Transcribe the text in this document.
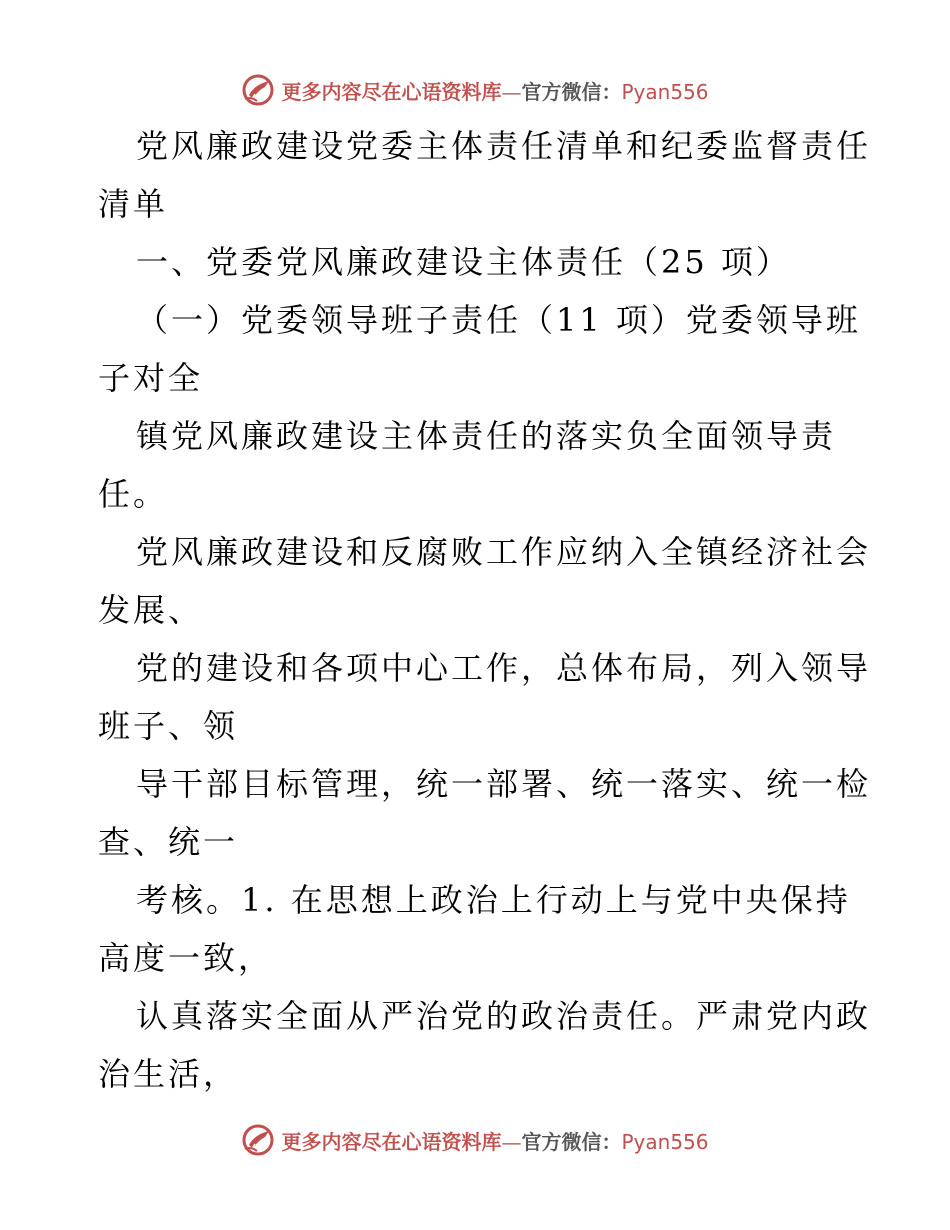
更多内容尽在心语资料库—官方微信：Pyan556
党风廉政建设党委主体责任清单和纪委监督责任
清单
一、党委党风廉政建设主体责任（25 项）
（一）党委领导班子责任（11 项）党委领导班
子对全
镇党风廉政建设主体责任的落实负全面领导责
任。
党风廉政建设和反腐败工作应纳入全镇经济社会
发展、
党的建设和各项中心工作，总体布局，列入领导
班子、领
导干部目标管理，统一部署、统一落实、统一检
查、统一
考核。1. 在思想上政治上行动上与党中央保持
高度一致，
认真落实全面从严治党的政治责任。严肃党内政
治生活，
更多内容尽在心语资料库—官方微信：Pyan556
